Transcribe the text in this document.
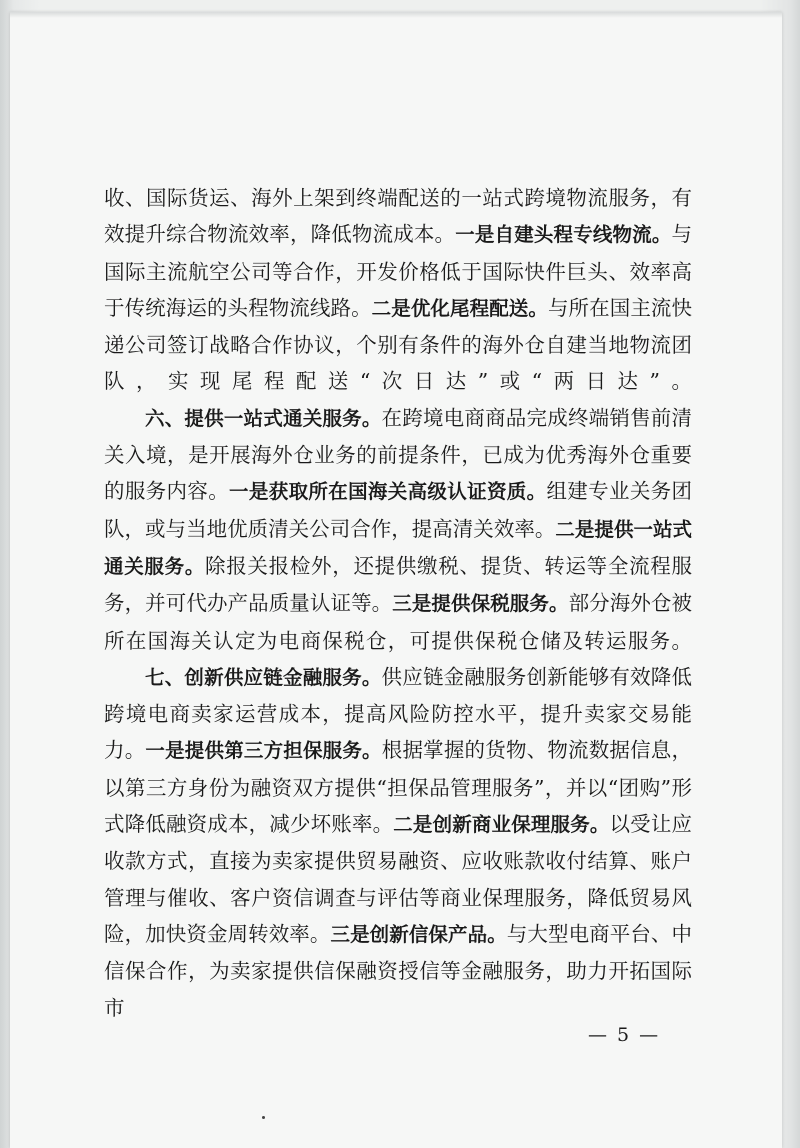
收、国际货运、海外上架到终端配送的一站式跨境物流服务，有效提升综合物流效率，降低物流成本。一是自建头程专线物流。与国际主流航空公司等合作，开发价格低于国际快件巨头、效率高于传统海运的头程物流线路。二是优化尾程配送。与所在国主流快递公司签订战略合作协议，个别有条件的海外仓自建当地物流团队，实现尾程配送“次日达”或“两日达”。

六、提供一站式通关服务。在跨境电商商品完成终端销售前清关入境，是开展海外仓业务的前提条件，已成为优秀海外仓重要的服务内容。一是获取所在国海关高级认证资质。组建专业关务团队，或与当地优质清关公司合作，提高清关效率。二是提供一站式通关服务。除报关报检外，还提供缴税、提货、转运等全流程服务，并可代办产品质量认证等。三是提供保税服务。部分海外仓被所在国海关认定为电商保税仓，可提供保税仓储及转运服务。

七、创新供应链金融服务。供应链金融服务创新能够有效降低跨境电商卖家运营成本，提高风险防控水平，提升卖家交易能力。一是提供第三方担保服务。根据掌握的货物、物流数据信息，以第三方身份为融资双方提供“担保品管理服务”，并以“团购”形式降低融资成本，减少坏账率。二是创新商业保理服务。以受让应收款方式，直接为卖家提供贸易融资、应收账款收付结算、账户管理与催收、客户资信调查与评估等商业保理服务，降低贸易风险，加快资金周转效率。三是创新信保产品。与大型电商平台、中信保合作，为卖家提供信保融资授信等金融服务，助力开拓国际市

— 5 —
